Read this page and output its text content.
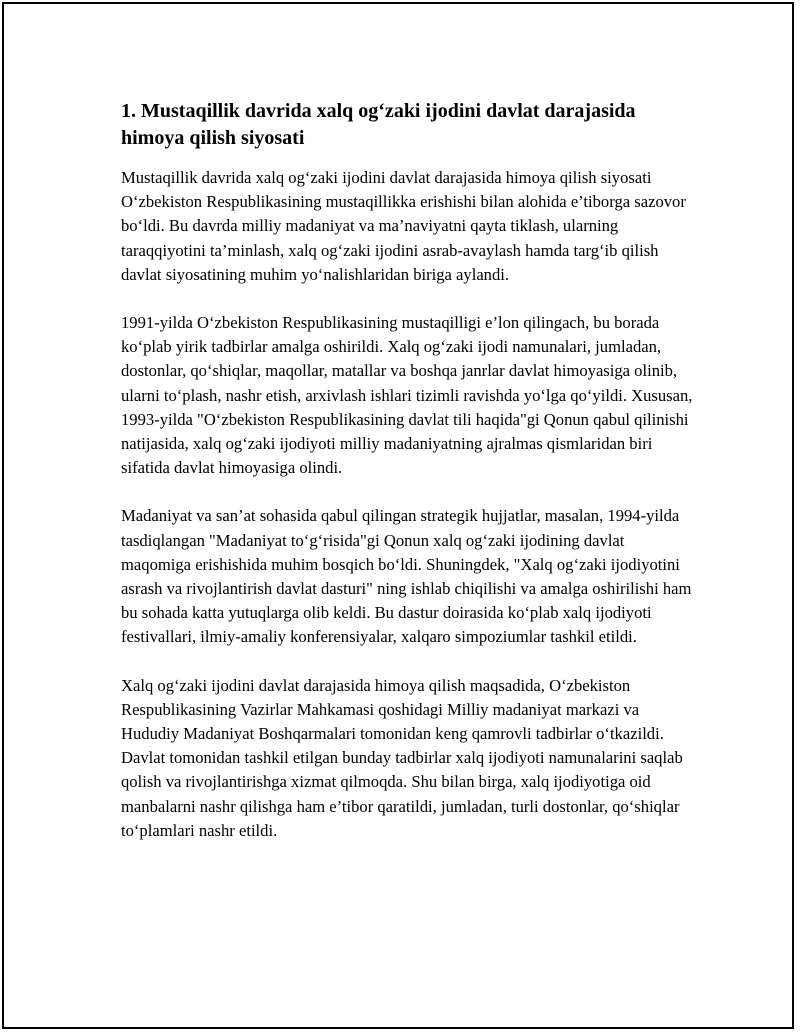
1. Mustaqillik davrida xalq og‘zaki ijodini davlat darajasida himoya qilish siyosati

Mustaqillik davrida xalq og‘zaki ijodini davlat darajasida himoya qilish siyosati O‘zbekiston Respublikasining mustaqillikka erishishi bilan alohida e’tiborga sazovor bo‘ldi. Bu davrda milliy madaniyat va ma’naviyatni qayta tiklash, ularning taraqqiyotini ta’minlash, xalq og‘zaki ijodini asrab-avaylash hamda targ‘ib qilish davlat siyosatining muhim yo‘nalishlaridan biriga aylandi.

1991-yilda O‘zbekiston Respublikasining mustaqilligi e’lon qilingach, bu borada ko‘plab yirik tadbirlar amalga oshirildi. Xalq og‘zaki ijodi namunalari, jumladan, dostonlar, qo‘shiqlar, maqollar, matallar va boshqa janrlar davlat himoyasiga olinib, ularni to‘plash, nashr etish, arxivlash ishlari tizimli ravishda yo‘lga qo‘yildi. Xususan, 1993-yilda "O‘zbekiston Respublikasining davlat tili haqida"gi Qonun qabul qilinishi natijasida, xalq og‘zaki ijodiyoti milliy madaniyatning ajralmas qismlaridan biri sifatida davlat himoyasiga olindi.

Madaniyat va san’at sohasida qabul qilingan strategik hujjatlar, masalan, 1994-yilda tasdiqlangan "Madaniyat to‘g‘risida"gi Qonun xalq og‘zaki ijodining davlat maqomiga erishishida muhim bosqich bo‘ldi. Shuningdek, "Xalq og‘zaki ijodiyotini asrash va rivojlantirish davlat dasturi" ning ishlab chiqilishi va amalga oshirilishi ham bu sohada katta yutuqlarga olib keldi. Bu dastur doirasida ko‘plab xalq ijodiyoti festivallari, ilmiy-amaliy konferensiyalar, xalqaro simpoziumlar tashkil etildi.

Xalq og‘zaki ijodini davlat darajasida himoya qilish maqsadida, O‘zbekiston Respublikasining Vazirlar Mahkamasi qoshidagi Milliy madaniyat markazi va Hududiy Madaniyat Boshqarmalari tomonidan keng qamrovli tadbirlar o‘tkazildi. Davlat tomonidan tashkil etilgan bunday tadbirlar xalq ijodiyoti namunalarini saqlab qolish va rivojlantirishga xizmat qilmoqda. Shu bilan birga, xalq ijodiyotiga oid manbalarni nashr qilishga ham e’tibor qaratildi, jumladan, turli dostonlar, qo‘shiqlar to‘plamlari nashr etildi.
